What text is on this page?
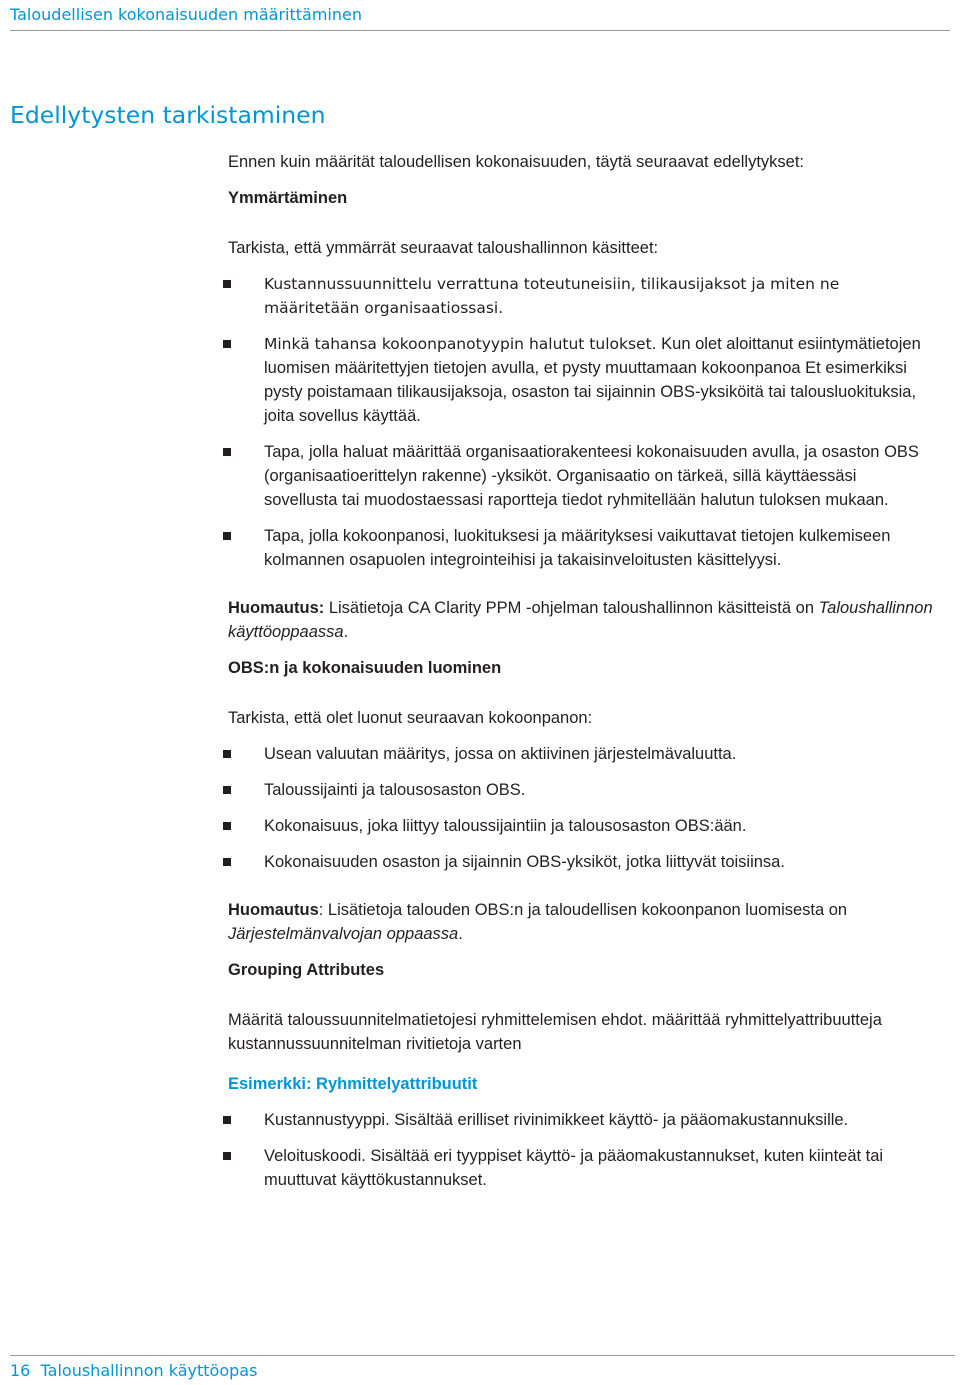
Taloudellisen kokonaisuuden määrittäminen
Edellytysten tarkistaminen

Ennen kuin määrität taloudellisen kokonaisuuden, täytä seuraavat edellytykset:

Ymmärtäminen

Tarkista, että ymmärrät seuraavat taloushallinnon käsitteet:

Kustannussuunnittelu verrattuna toteutuneisiin, tilikausijaksot ja miten ne määritetään organisaatiossasi.
Minkä tahansa kokoonpanotyypin halutut tulokset. Kun olet aloittanut esiintymätietojen luomisen määritettyjen tietojen avulla, et pysty muuttamaan kokoonpanoa Et esimerkiksi pysty poistamaan tilikausijaksoja, osaston tai sijainnin OBS-yksiköitä tai talousluokituksia, joita sovellus käyttää.
Tapa, jolla haluat määrittää organisaatiorakenteesi kokonaisuuden avulla, ja osaston OBS (organisaatioerittelyn rakenne) -yksiköt. Organisaatio on tärkeä, sillä käyttäessäsi sovellusta tai muodostaessasi raportteja tiedot ryhmitellään halutun tuloksen mukaan.
Tapa, jolla kokoonpanosi, luokituksesi ja määrityksesi vaikuttavat tietojen kulkemiseen kolmannen osapuolen integrointeihisi ja takaisinveloitusten käsittelyysi.

Huomautus: Lisätietoja CA Clarity PPM -ohjelman taloushallinnon käsitteistä on Taloushallinnon käyttöoppaassa.

OBS:n ja kokonaisuuden luominen

Tarkista, että olet luonut seuraavan kokoonpanon:

Usean valuutan määritys, jossa on aktiivinen järjestelmävaluutta.
Taloussijainti ja talousosaston OBS.
Kokonaisuus, joka liittyy taloussijaintiin ja talousosaston OBS:ään.
Kokonaisuuden osaston ja sijainnin OBS-yksiköt, jotka liittyvät toisiinsa.

Huomautus: Lisätietoja talouden OBS:n ja taloudellisen kokoonpanon luomisesta on Järjestelmänvalvojan oppaassa.

Grouping Attributes

Määritä taloussuunnitelmatietojesi ryhmittelemisen ehdot. määrittää ryhmittelyattribuutteja kustannussuunnitelman rivitietoja varten

Esimerkki: Ryhmittelyattribuutit

Kustannustyyppi. Sisältää erilliset rivinimikkeet käyttö- ja pääomakustannuksille.
Veloituskoodi. Sisältää eri tyyppiset käyttö- ja pääomakustannukset, kuten kiinteät tai muuttuvat käyttökustannukset.
16 Taloushallinnon käyttöopas
